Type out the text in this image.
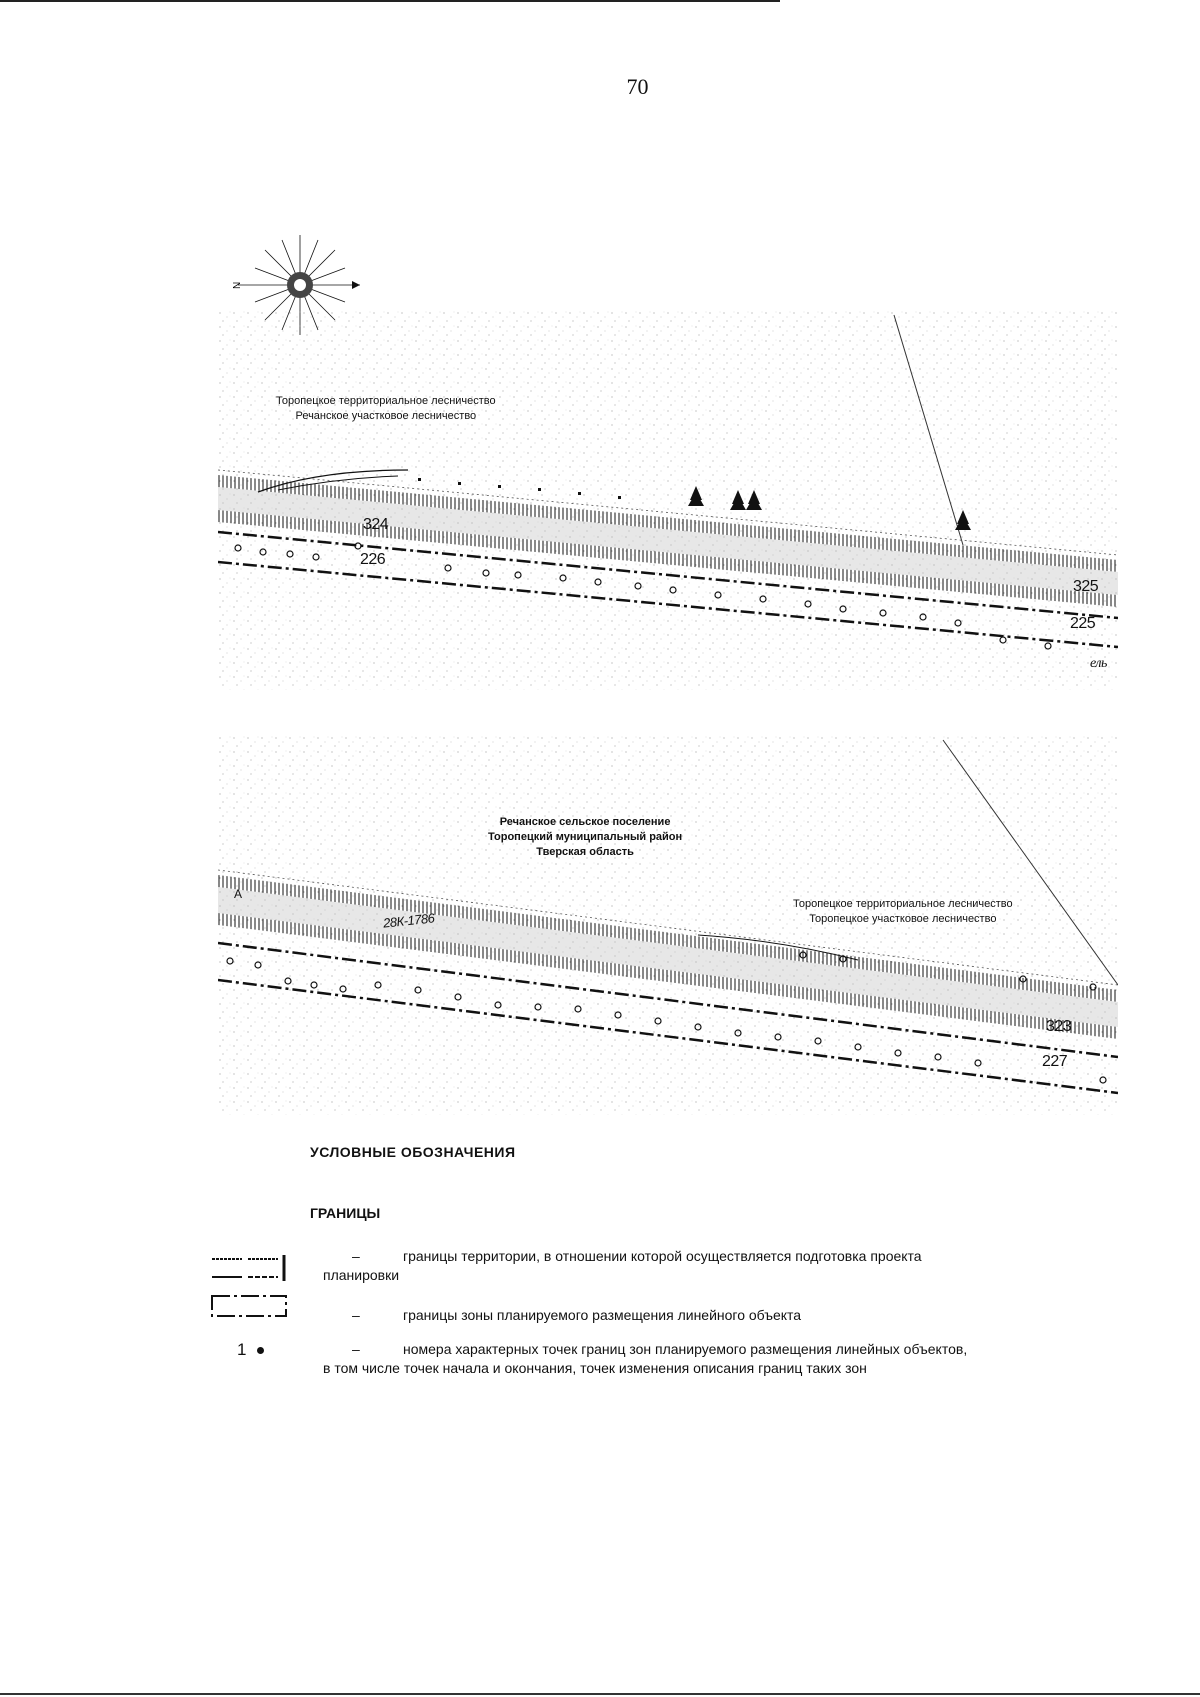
70
N
Торопецкое территориальное лесничество
Речанское участковое лесничество
324
226
325
225
ель
Речанское сельское поселение
Торопецкий муниципальный район
Тверская область
Торопецкое территориальное лесничество
Торопецкое участковое лесничество
28К-1786
А
323
227
УСЛОВНЫЕ ОБОЗНАЧЕНИЯ
ГРАНИЦЫ
–	границы территории, в отношении которой осуществляется подготовка проекта
планировки
–	границы зоны планируемого размещения линейного объекта
1	–	номера характерных точек границ зон планируемого размещения линейных объектов,
в том числе точек начала и окончания, точек изменения описания границ таких зон
